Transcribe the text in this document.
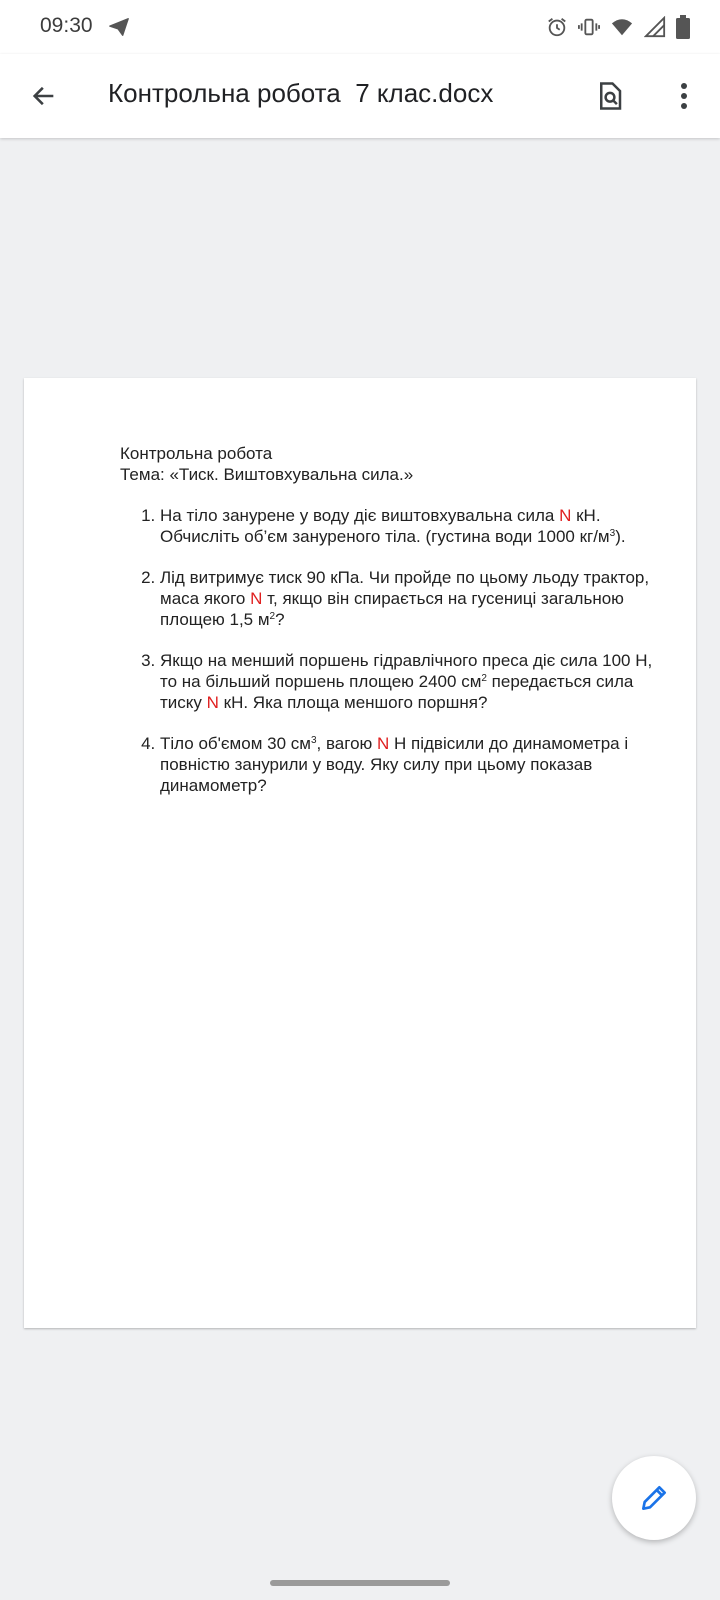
09:30
Контрольна робота  7 клас.docx

Контрольна робота

Тема: «Тиск. Виштовхувальна сила.»

1. На тіло занурене у воду діє виштовхувальна сила N кН. Обчисліть об’єм зануреного тіла. (густина води 1000 $кг/м^3$).
2. Лід витримує тиск 90 кПа. Чи пройде по цьому льоду трактор, маса якого N т, якщо він спирається на гусениці загальною площею 1,5 $м^2$?
3. Якщо на менший поршень гідравлічного преса діє сила 100 Н, то на більший поршень площею 2400 $см^2$ передається сила тиску N кН. Яка площа меншого поршня?
4. Тіло об'ємом 30 $см^3$, вагою N Н підвісили до динамометра і повністю занурили у воду. Яку силу при цьому показав динамометр?
